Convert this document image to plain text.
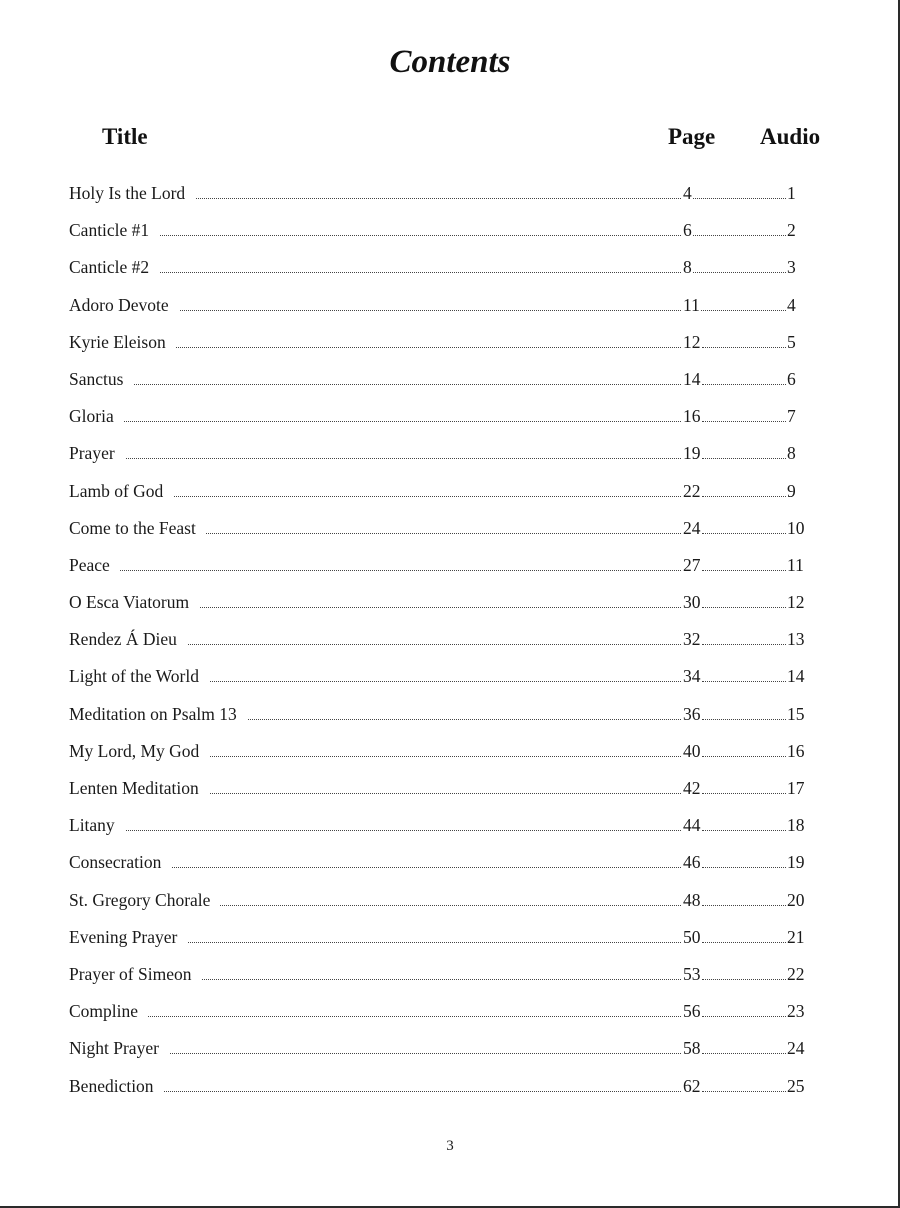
Contents
Title	Page Audio
Holy Is the Lord	4	1
Canticle #1	6	2
Canticle #2	8	3
Adoro Devote	11	4
Kyrie Eleison	12	5
Sanctus	14	6
Gloria	16	7
Prayer	19	8
Lamb of God	22	9
Come to the Feast	24	10
Peace	27	11
O Esca Viatorum	30	12
Rendez Á Dieu	32	13
Light of the World	34	14
Meditation on Psalm 13	36	15
My Lord, My God	40	16
Lenten Meditation	42	17
Litany	44	18
Consecration	46	19
St. Gregory Chorale	48	20
Evening Prayer	50	21
Prayer of Simeon	53	22
Compline	56	23
Night Prayer	58	24
Benediction	62	25
3
